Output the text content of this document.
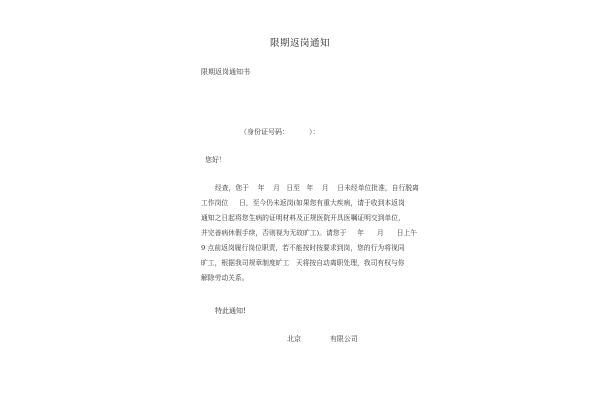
限期返岗通知
限期返岗通知书
（身份证号码：         ）：
您好！
经查，您于    年    月   日至   年    月    日未经单位批准，自行脱离
工作岗位     日，至今仍未返岗(如果您有重大疾病，请于收到本返岗
通知之日起将您生病的证明材料及正规医院开具医嘱证明交到单位，
并完善病休假手续，否则视为无故旷工)。请您于     年      月      日上午
9 点前返岗履行岗位职责，若不能按时按要求到岗，您的行为将视同
旷工，根据我司规章制度旷工   天将按自动离职处理，我司有权与你
解除劳动关系。
特此通知!
北京             有限公司
